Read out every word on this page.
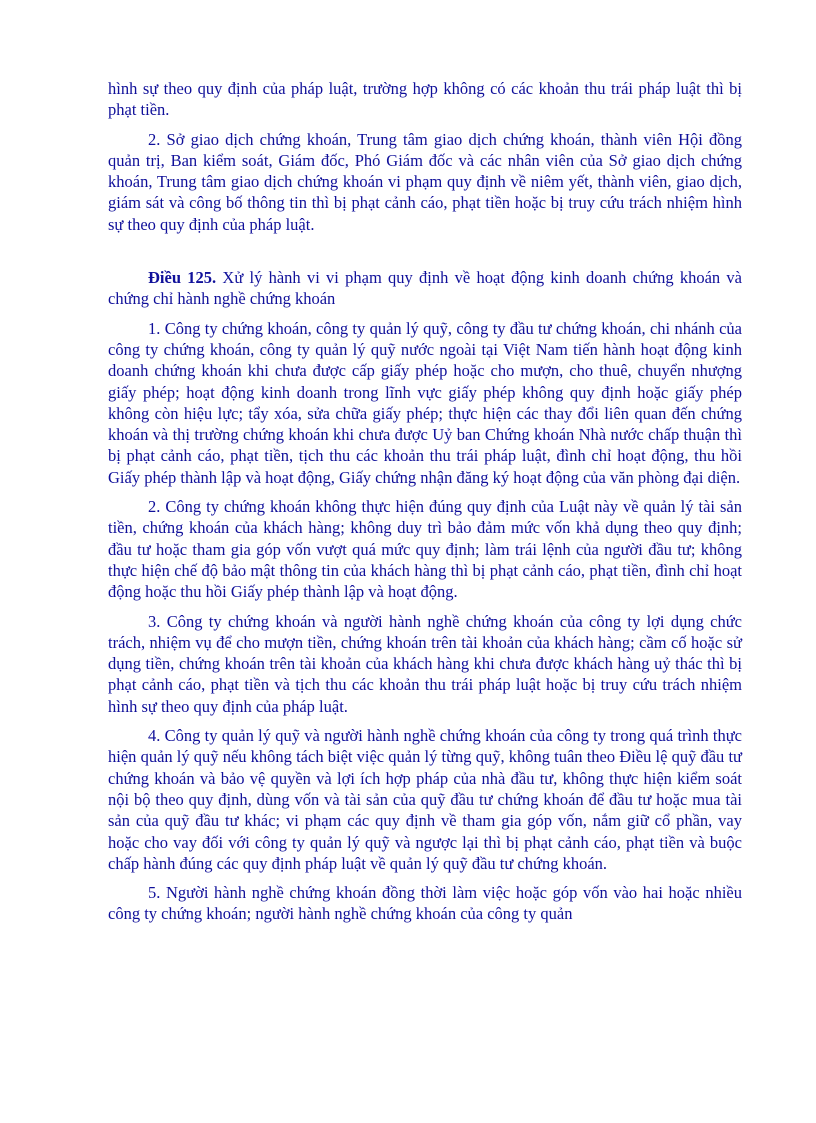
hình sự theo quy định của pháp luật, trường hợp không có các khoản thu trái pháp luật thì bị phạt tiền.

2. Sở giao dịch chứng khoán, Trung tâm giao dịch chứng khoán, thành viên Hội đồng quản trị, Ban kiểm soát, Giám đốc, Phó Giám đốc và các nhân viên của Sở giao dịch chứng khoán, Trung tâm giao dịch chứng khoán vi phạm quy định về niêm yết, thành viên, giao dịch, giám sát và công bố thông tin thì bị phạt cảnh cáo, phạt tiền hoặc bị truy cứu trách nhiệm hình sự theo quy định của pháp luật.

Điều 125. Xử lý hành vi vi phạm quy định về hoạt động kinh doanh chứng khoán và chứng chỉ hành nghề chứng khoán

1. Công ty chứng khoán, công ty quản lý quỹ, công ty đầu tư chứng khoán, chi nhánh của công ty chứng khoán, công ty quản lý quỹ nước ngoài tại Việt Nam tiến hành hoạt động kinh doanh chứng khoán khi chưa được cấp giấy phép hoặc cho mượn, cho thuê, chuyển nhượng giấy phép; hoạt động kinh doanh trong lĩnh vực giấy phép không quy định hoặc giấy phép không còn hiệu lực; tẩy xóa, sửa chữa giấy phép; thực hiện các thay đổi liên quan đến chứng khoán và thị trường chứng khoán khi chưa được Uỷ ban Chứng khoán Nhà nước chấp thuận thì bị phạt cảnh cáo, phạt tiền, tịch thu các khoản thu trái pháp luật, đình chỉ hoạt động, thu hồi Giấy phép thành lập và hoạt động, Giấy chứng nhận đăng ký hoạt động của văn phòng đại diện.

2. Công ty chứng khoán không thực hiện đúng quy định của Luật này về quản lý tài sản tiền, chứng khoán của khách hàng; không duy trì bảo đảm mức vốn khả dụng theo quy định; đầu tư hoặc tham gia góp vốn vượt quá mức quy định; làm trái lệnh của người đầu tư; không thực hiện chế độ bảo mật thông tin của khách hàng thì bị phạt cảnh cáo, phạt tiền, đình chỉ hoạt động hoặc thu hồi Giấy phép thành lập và hoạt động.

3. Công ty chứng khoán và người hành nghề chứng khoán của công ty lợi dụng chức trách, nhiệm vụ để cho mượn tiền, chứng khoán trên tài khoản của khách hàng; cầm cố hoặc sử dụng tiền, chứng khoán trên tài khoản của khách hàng khi chưa được khách hàng uỷ thác thì bị phạt cảnh cáo, phạt tiền và tịch thu các khoản thu trái pháp luật hoặc bị truy cứu trách nhiệm hình sự theo quy định của pháp luật.

4. Công ty quản lý quỹ và người hành nghề chứng khoán của công ty trong quá trình thực hiện quản lý quỹ nếu không tách biệt việc quản lý từng quỹ, không tuân theo Điều lệ quỹ đầu tư chứng khoán và bảo vệ quyền và lợi ích hợp pháp của nhà đầu tư, không thực hiện kiểm soát nội bộ theo quy định, dùng vốn và tài sản của quỹ đầu tư chứng khoán để đầu tư hoặc mua tài sản của quỹ đầu tư khác; vi phạm các quy định về tham gia góp vốn, nắm giữ cổ phần, vay hoặc cho vay đối với công ty quản lý quỹ và ngược lại thì bị phạt cảnh cáo, phạt tiền và buộc chấp hành đúng các quy định pháp luật về quản lý quỹ đầu tư chứng khoán.

5. Người hành nghề chứng khoán đồng thời làm việc hoặc góp vốn vào hai hoặc nhiều công ty chứng khoán; người hành nghề chứng khoán của công ty quản
